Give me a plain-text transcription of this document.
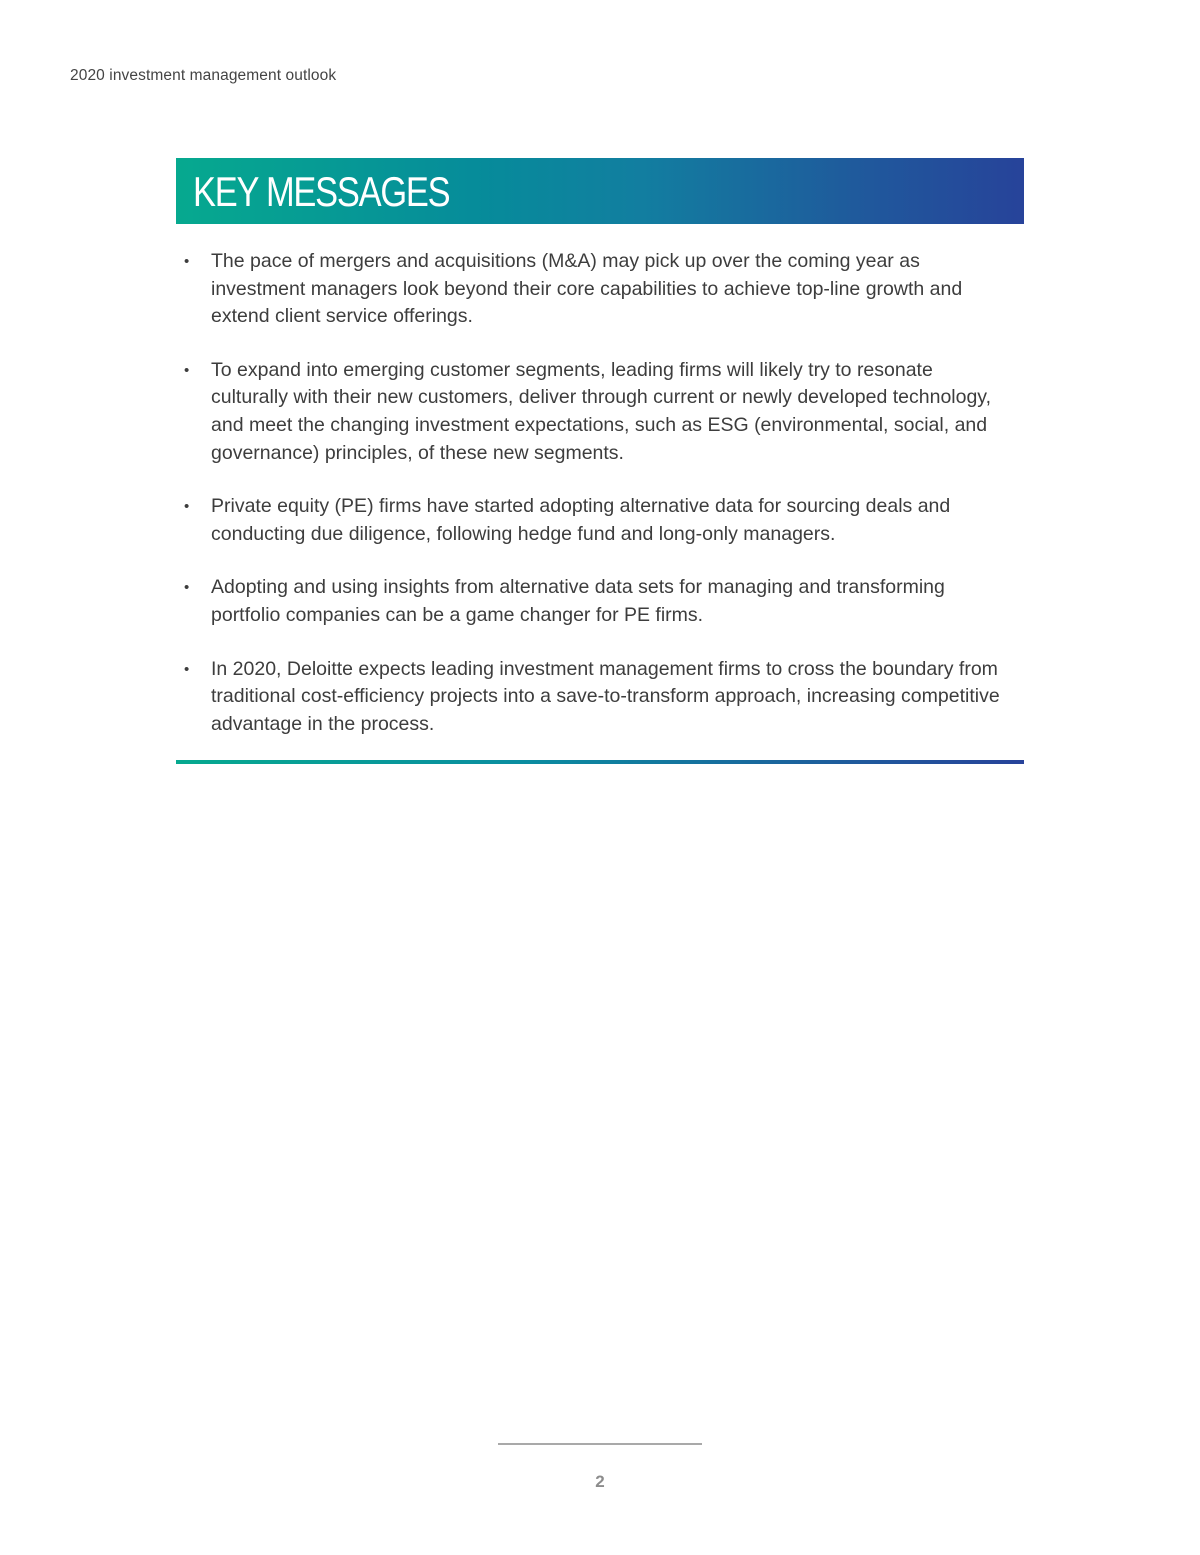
2020 investment management outlook
KEY MESSAGES
•	The pace of mergers and acquisitions (M&A) may pick up over the coming year as investment managers look beyond their core capabilities to achieve top-line growth and extend client service offerings.
•	To expand into emerging customer segments, leading firms will likely try to resonate culturally with their new customers, deliver through current or newly developed technology, and meet the changing investment expectations, such as ESG (environmental, social, and governance) principles, of these new segments.
•	Private equity (PE) firms have started adopting alternative data for sourcing deals and conducting due diligence, following hedge fund and long-only managers.
•	Adopting and using insights from alternative data sets for managing and transforming portfolio companies can be a game changer for PE firms.
•	In 2020, Deloitte expects leading investment management firms to cross the boundary from traditional cost-efficiency projects into a save-to-transform approach, increasing competitive advantage in the process.
2
